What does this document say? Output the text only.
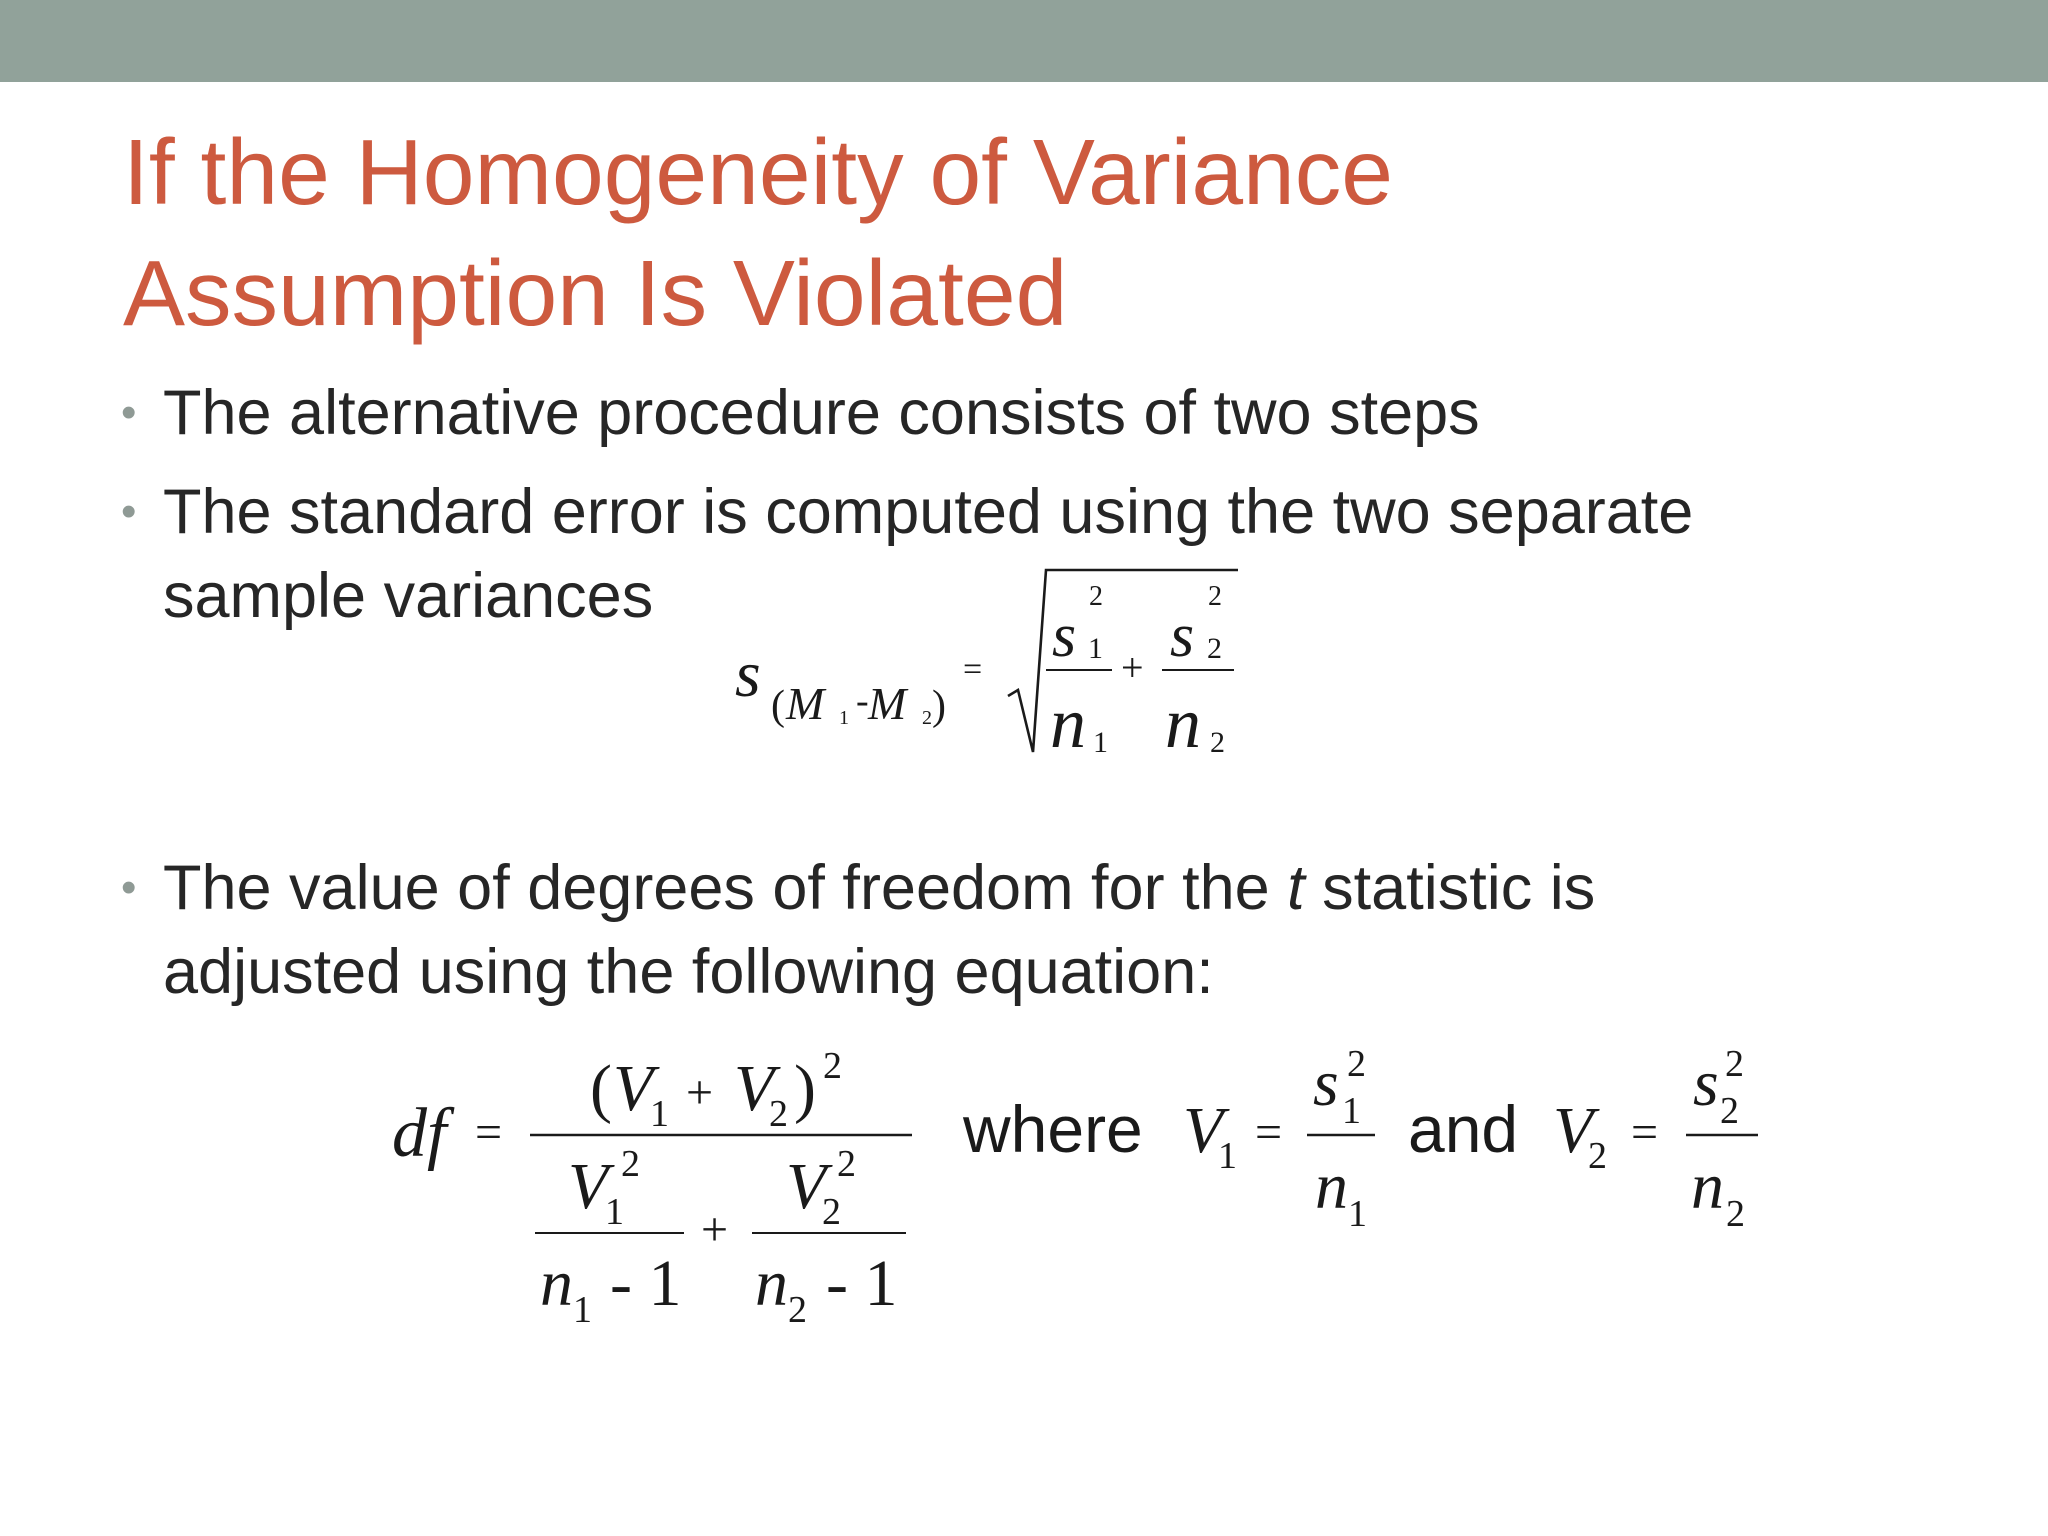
If the Homogeneity of Variance
Assumption Is Violated
• The alternative procedure consists of two steps
• The standard error is computed using the two separate
sample variances
• The value of degrees of freedom for the t statistic is
adjusted using the following equation:
s ( M 1 - M 2 )
=
2
s 1
n 1
+
2
s 2
n 2
df =
( V
1 + V
2 ) 2
V
1
2
n 1 - 1
+
V
2
2
n 2 - 1
where V
1 =
s 1
2
n 1
and V
2 =
s 2
2
n 2
